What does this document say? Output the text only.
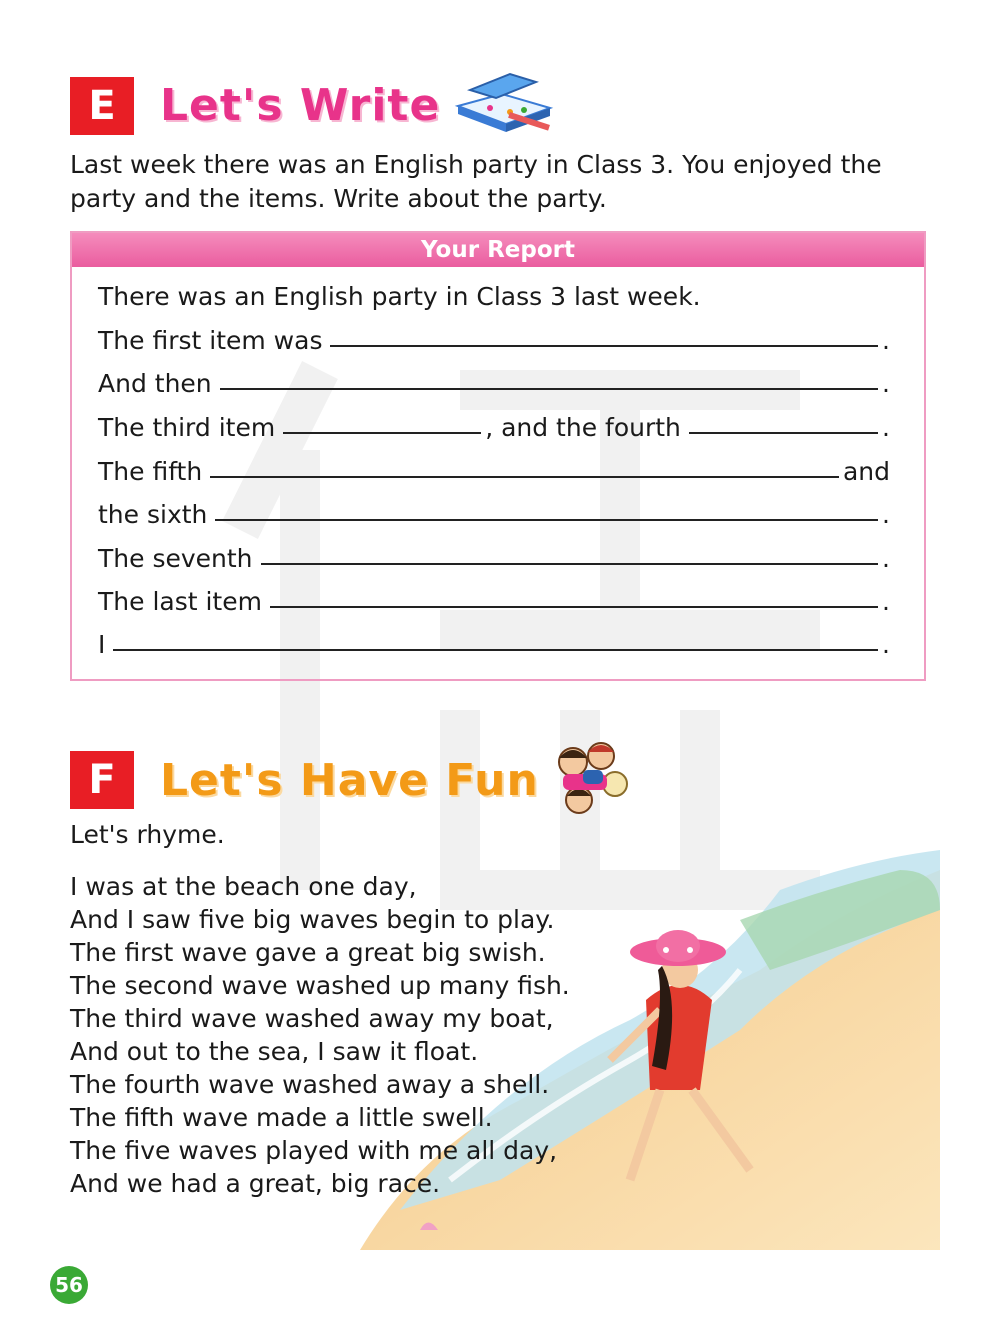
E	Let's Write
Last week there was an English party in Class 3. You enjoyed the party and the items. Write about the party.
Your Report
There was an English party in Class 3 last week.
The first item was	.
And then	.
The third item	, and the fourth	.
The fifth	and
the sixth	.
The seventh	.
The last item	.
I	.
F	Let's Have Fun
Let's rhyme.
I was at the beach one day,
And I saw five big waves begin to play.
The first wave gave a great big swish.
The second wave washed up many fish.
The third wave washed away my boat,
And out to the sea, I saw it float.
The fourth wave washed away a shell.
The fifth wave made a little swell.
The five waves played with me all day,
And we had a great, big race.
56
